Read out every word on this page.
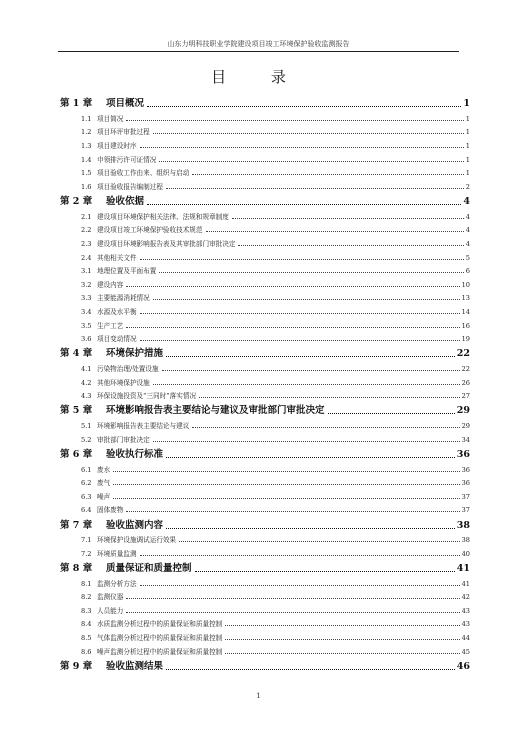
山东力明科技职业学院建设项目竣工环境保护验收监测报告
目 录
第 1 章	项目概况	1
1.1 项目简况	1
1.2 项目环评审批过程	1
1.3 项目建设时序	1
1.4 申领排污许可证情况	1
1.5 项目验收工作由来、组织与启动	1
1.6 项目验收报告编制过程	2
第 2 章	验收依据	4
2.1 建设项目环境保护相关法律、法规和规章制度	4
2.2 建设项目竣工环境保护验收技术规范	4
2.3 建设项目环境影响报告表及其审批部门审批决定	4
2.4 其他相关文件	5
3.1 地理位置及平面布置	6
3.2 建设内容	10
3.3 主要能源消耗情况	13
3.4 水源及水平衡	14
3.5 生产工艺	16
3.6 项目变动情况	19
第 4 章	环境保护措施	22
4.1 污染物治理/处置设施	22
4.2 其他环境保护设施	26
4.3 环保设施投资及“三同时”落实情况	27
第 5 章	环境影响报告表主要结论与建议及审批部门审批决定	29
5.1 环境影响报告表主要结论与建议	29
5.2 审批部门审批决定	34
第 6 章	验收执行标准	36
6.1 废水	36
6.2 废气	36
6.3 噪声	37
6.4 固体废物	37
第 7 章	验收监测内容	38
7.1 环境保护设施调试运行效果	38
7.2 环境质量监测	40
第 8 章	质量保证和质量控制	41
8.1 监测分析方法	41
8.2 监测仪器	42
8.3 人员能力	43
8.4 水质监测分析过程中的质量保证和质量控制	43
8.5 气体监测分析过程中的质量保证和质量控制	44
8.6 噪声监测分析过程中的质量保证和质量控制	45
第 9 章	验收监测结果	46
1
